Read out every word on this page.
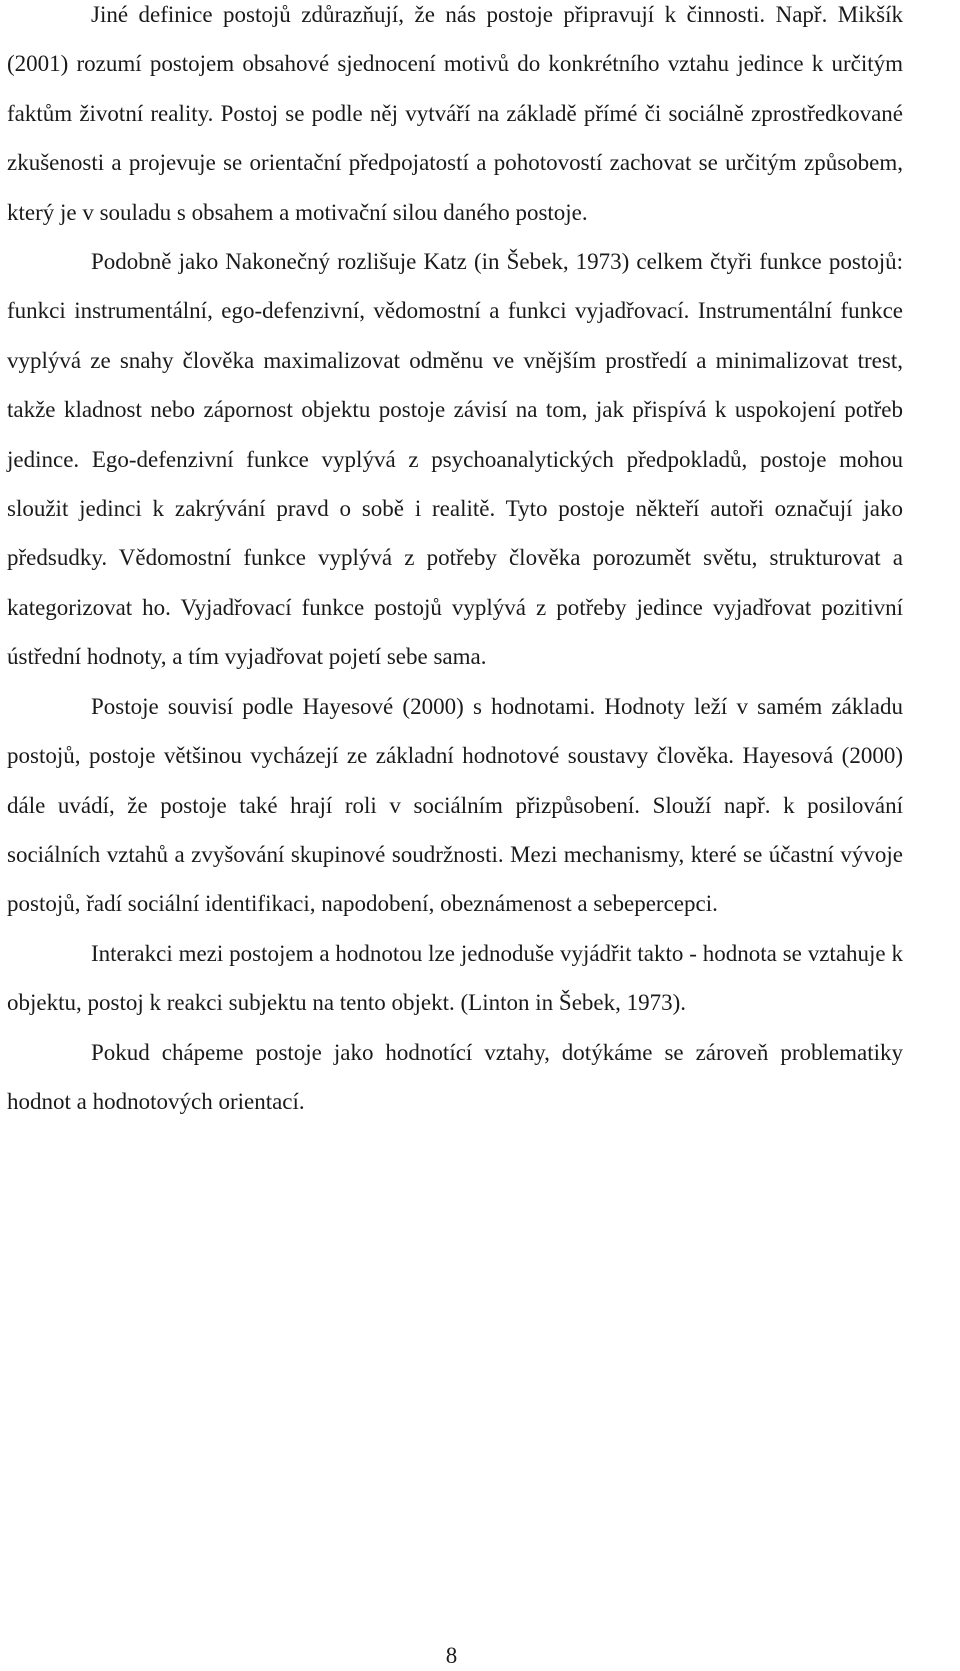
Jiné definice postojů zdůrazňují, že nás postoje připravují k činnosti. Např. Mikšík (2001) rozumí postojem obsahové sjednocení motivů do konkrétního vztahu jedince k určitým faktům životní reality. Postoj se podle něj vytváří na základě přímé či sociálně zprostředkované zkušenosti a projevuje se orientační předpojatostí a pohotovostí zachovat se určitým způsobem, který je v souladu s obsahem a motivační silou daného postoje.

Podobně jako Nakonečný rozlišuje Katz (in Šebek, 1973) celkem čtyři funkce postojů: funkci instrumentální, ego-defenzivní, vědomostní a funkci vyjadřovací. Instrumentální funkce vyplývá ze snahy člověka maximalizovat odměnu ve vnějším prostředí a minimalizovat trest, takže kladnost nebo zápornost objektu postoje závisí na tom, jak přispívá k uspokojení potřeb jedince. Ego-defenzivní funkce vyplývá z psychoanalytických předpokladů, postoje mohou sloužit jedinci k zakrývání pravd o sobě i realitě. Tyto postoje někteří autoři označují jako předsudky. Vědomostní funkce vyplývá z potřeby člověka porozumět světu, strukturovat a kategorizovat ho. Vyjadřovací funkce postojů vyplývá z potřeby jedince vyjadřovat pozitivní ústřední hodnoty, a tím vyjadřovat pojetí sebe sama.

Postoje souvisí podle Hayesové (2000) s hodnotami. Hodnoty leží v samém základu postojů, postoje většinou vycházejí ze základní hodnotové soustavy člověka. Hayesová (2000) dále uvádí, že postoje také hrají roli v sociálním přizpůsobení. Slouží např. k posilování sociálních vztahů a zvyšování skupinové soudržnosti. Mezi mechanismy, které se účastní vývoje postojů, řadí sociální identifikaci, napodobení, obeznámenost a sebepercepci.

Interakci mezi postojem a hodnotou lze jednoduše vyjádřit takto - hodnota se vztahuje k objektu, postoj k reakci subjektu na tento objekt. (Linton in Šebek, 1973).

Pokud chápeme postoje jako hodnotící vztahy, dotýkáme se zároveň problematiky hodnot a hodnotových orientací.

8
